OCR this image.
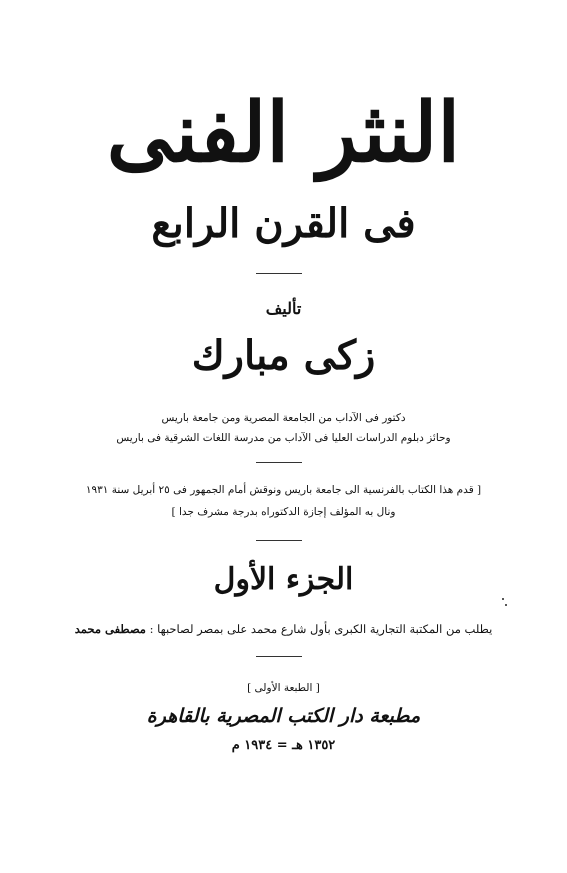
النثر الفنى
فى القرن الرابع
تأليف
زكى مبارك
دكتور فى الآداب من الجامعة المصرية ومن جامعة باريس
وحائز دبلوم الدراسات العليا فى الآداب من مدرسة اللغات الشرقية فى باريس
[ قدم هذا الكتاب بالفرنسية الى جامعة باريس ونوقش أمام الجمهور فى ٢٥ أبريل سنة ١٩٣١
ونال به المؤلف إجازة الدكتوراه بدرجة مشرف جدا ]
الجزء الأول
يطلب من المكتبة التجارية الكبرى بأول شارع محمد على بمصر لصاحبها : مصطفى محمد
[ الطبعة الأولى ]
مطبعة دار الكتب المصرية بالقاهرة
١٣٥٢ هـ = ١٩٣٤ م
